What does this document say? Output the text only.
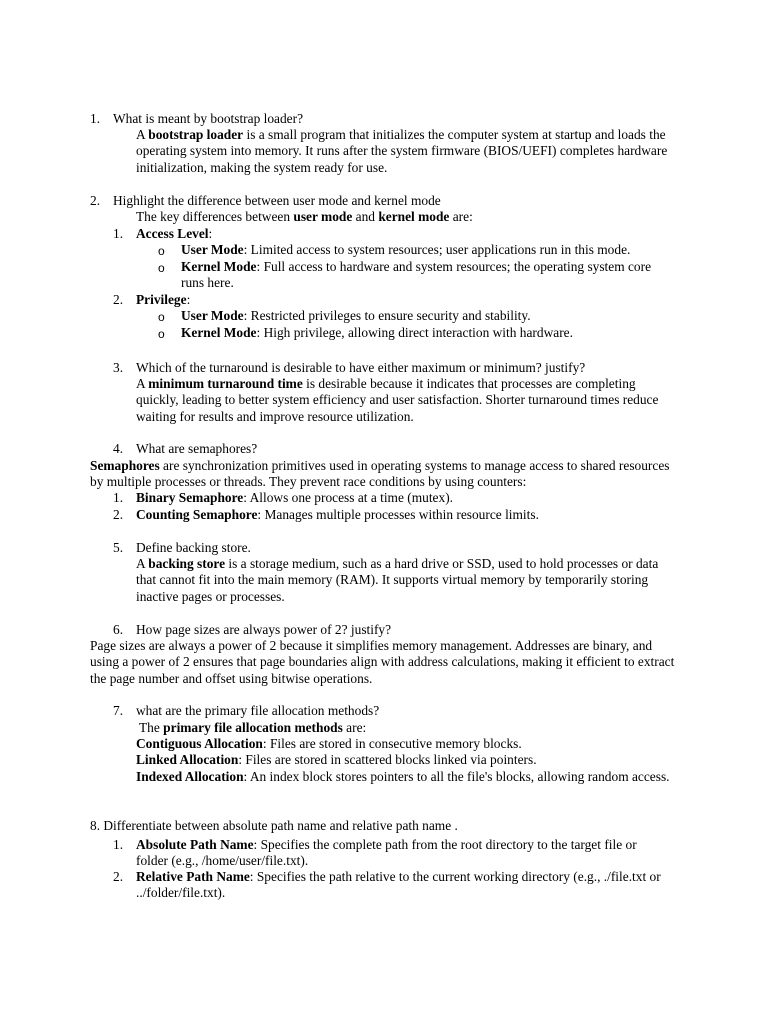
1. What is meant by bootstrap loader?
A bootstrap loader is a small program that initializes the computer system at startup and loads the operating system into memory. It runs after the system firmware (BIOS/UEFI) completes hardware initialization, making the system ready for use.
2. Highlight the difference between user mode and kernel mode
The key differences between user mode and kernel mode are:
1. Access Level:
o User Mode: Limited access to system resources; user applications run in this mode.
o Kernel Mode: Full access to hardware and system resources; the operating system core runs here.
2. Privilege:
o User Mode: Restricted privileges to ensure security and stability.
o Kernel Mode: High privilege, allowing direct interaction with hardware.
3. Which of the turnaround is desirable to have either maximum or minimum? justify?
A minimum turnaround time is desirable because it indicates that processes are completing quickly, leading to better system efficiency and user satisfaction. Shorter turnaround times reduce waiting for results and improve resource utilization.
4. What are semaphores?
Semaphores are synchronization primitives used in operating systems to manage access to shared resources by multiple processes or threads. They prevent race conditions by using counters:
1. Binary Semaphore: Allows one process at a time (mutex).
2. Counting Semaphore: Manages multiple processes within resource limits.
5. Define backing store.
A backing store is a storage medium, such as a hard drive or SSD, used to hold processes or data that cannot fit into the main memory (RAM). It supports virtual memory by temporarily storing inactive pages or processes.
6. How page sizes are always power of 2? justify?
Page sizes are always a power of 2 because it simplifies memory management. Addresses are binary, and using a power of 2 ensures that page boundaries align with address calculations, making it efficient to extract the page number and offset using bitwise operations.
7. what are the primary file allocation methods?
The primary file allocation methods are:
Contiguous Allocation: Files are stored in consecutive memory blocks.
Linked Allocation: Files are stored in scattered blocks linked via pointers.
Indexed Allocation: An index block stores pointers to all the file's blocks, allowing random access.
8. Differentiate between absolute path name and relative path name .
1. Absolute Path Name: Specifies the complete path from the root directory to the target file or folder (e.g., /home/user/file.txt).
2. Relative Path Name: Specifies the path relative to the current working directory (e.g., ./file.txt or ../folder/file.txt).
